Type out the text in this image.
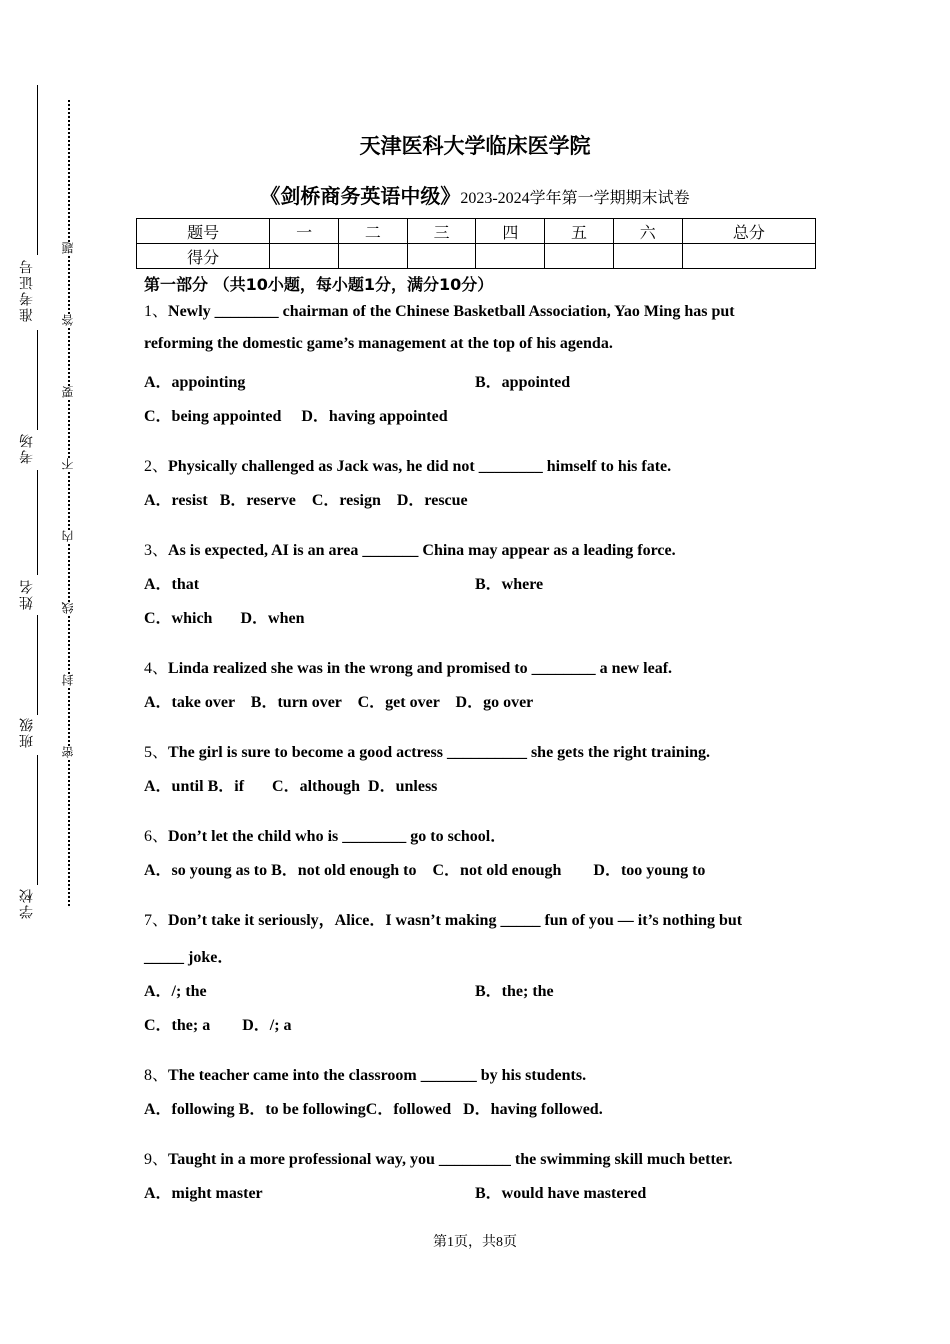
准考证号
考场
姓名
班级
学校
题
答
要
不
内
线
封
密
天津医科大学临床医学院
《剑桥商务英语中级》2023-2024学年第一学期期末试卷
题号	一	二	三	四	五	六	总分
得分							
第一部分 （共10小题，每小题1分，满分10分）
1、Newly ________ chairman of the Chinese Basketball Association, Yao Ming has put
reforming the domestic game’s management at the top of his agenda.
A．appointing	B．appointed
C．being appointed     D．having appointed
2、Physically challenged as Jack was, he did not ________ himself to his fate.
A．resist   B．reserve    C．resign    D．rescue
3、As is expected, AI is an area _______ China may appear as a leading force.
A．that	B．where
C．which       D．when
4、Linda realized she was in the wrong and promised to ________ a new leaf.
A．take over    B．turn over    C．get over    D．go over
5、The girl is sure to become a good actress __________ she gets the right training.
A．until B．if       C．although  D．unless
6、Don’t let the child who is ________ go to school．
A．so young as to B．not old enough to    C．not old enough        D．too young to
7、Don’t take it seriously，Alice．I wasn’t making _____ fun of you — it’s nothing but
_____ joke．
A．/; the	B．the; the
C．the; a        D．/; a
8、The teacher came into the classroom _______ by his students.
A．following B．to be followingC．followed   D．having followed.
9、Taught in a more professional way, you _________ the swimming skill much better.
A．might master	B．would have mastered
第1页，共8页
